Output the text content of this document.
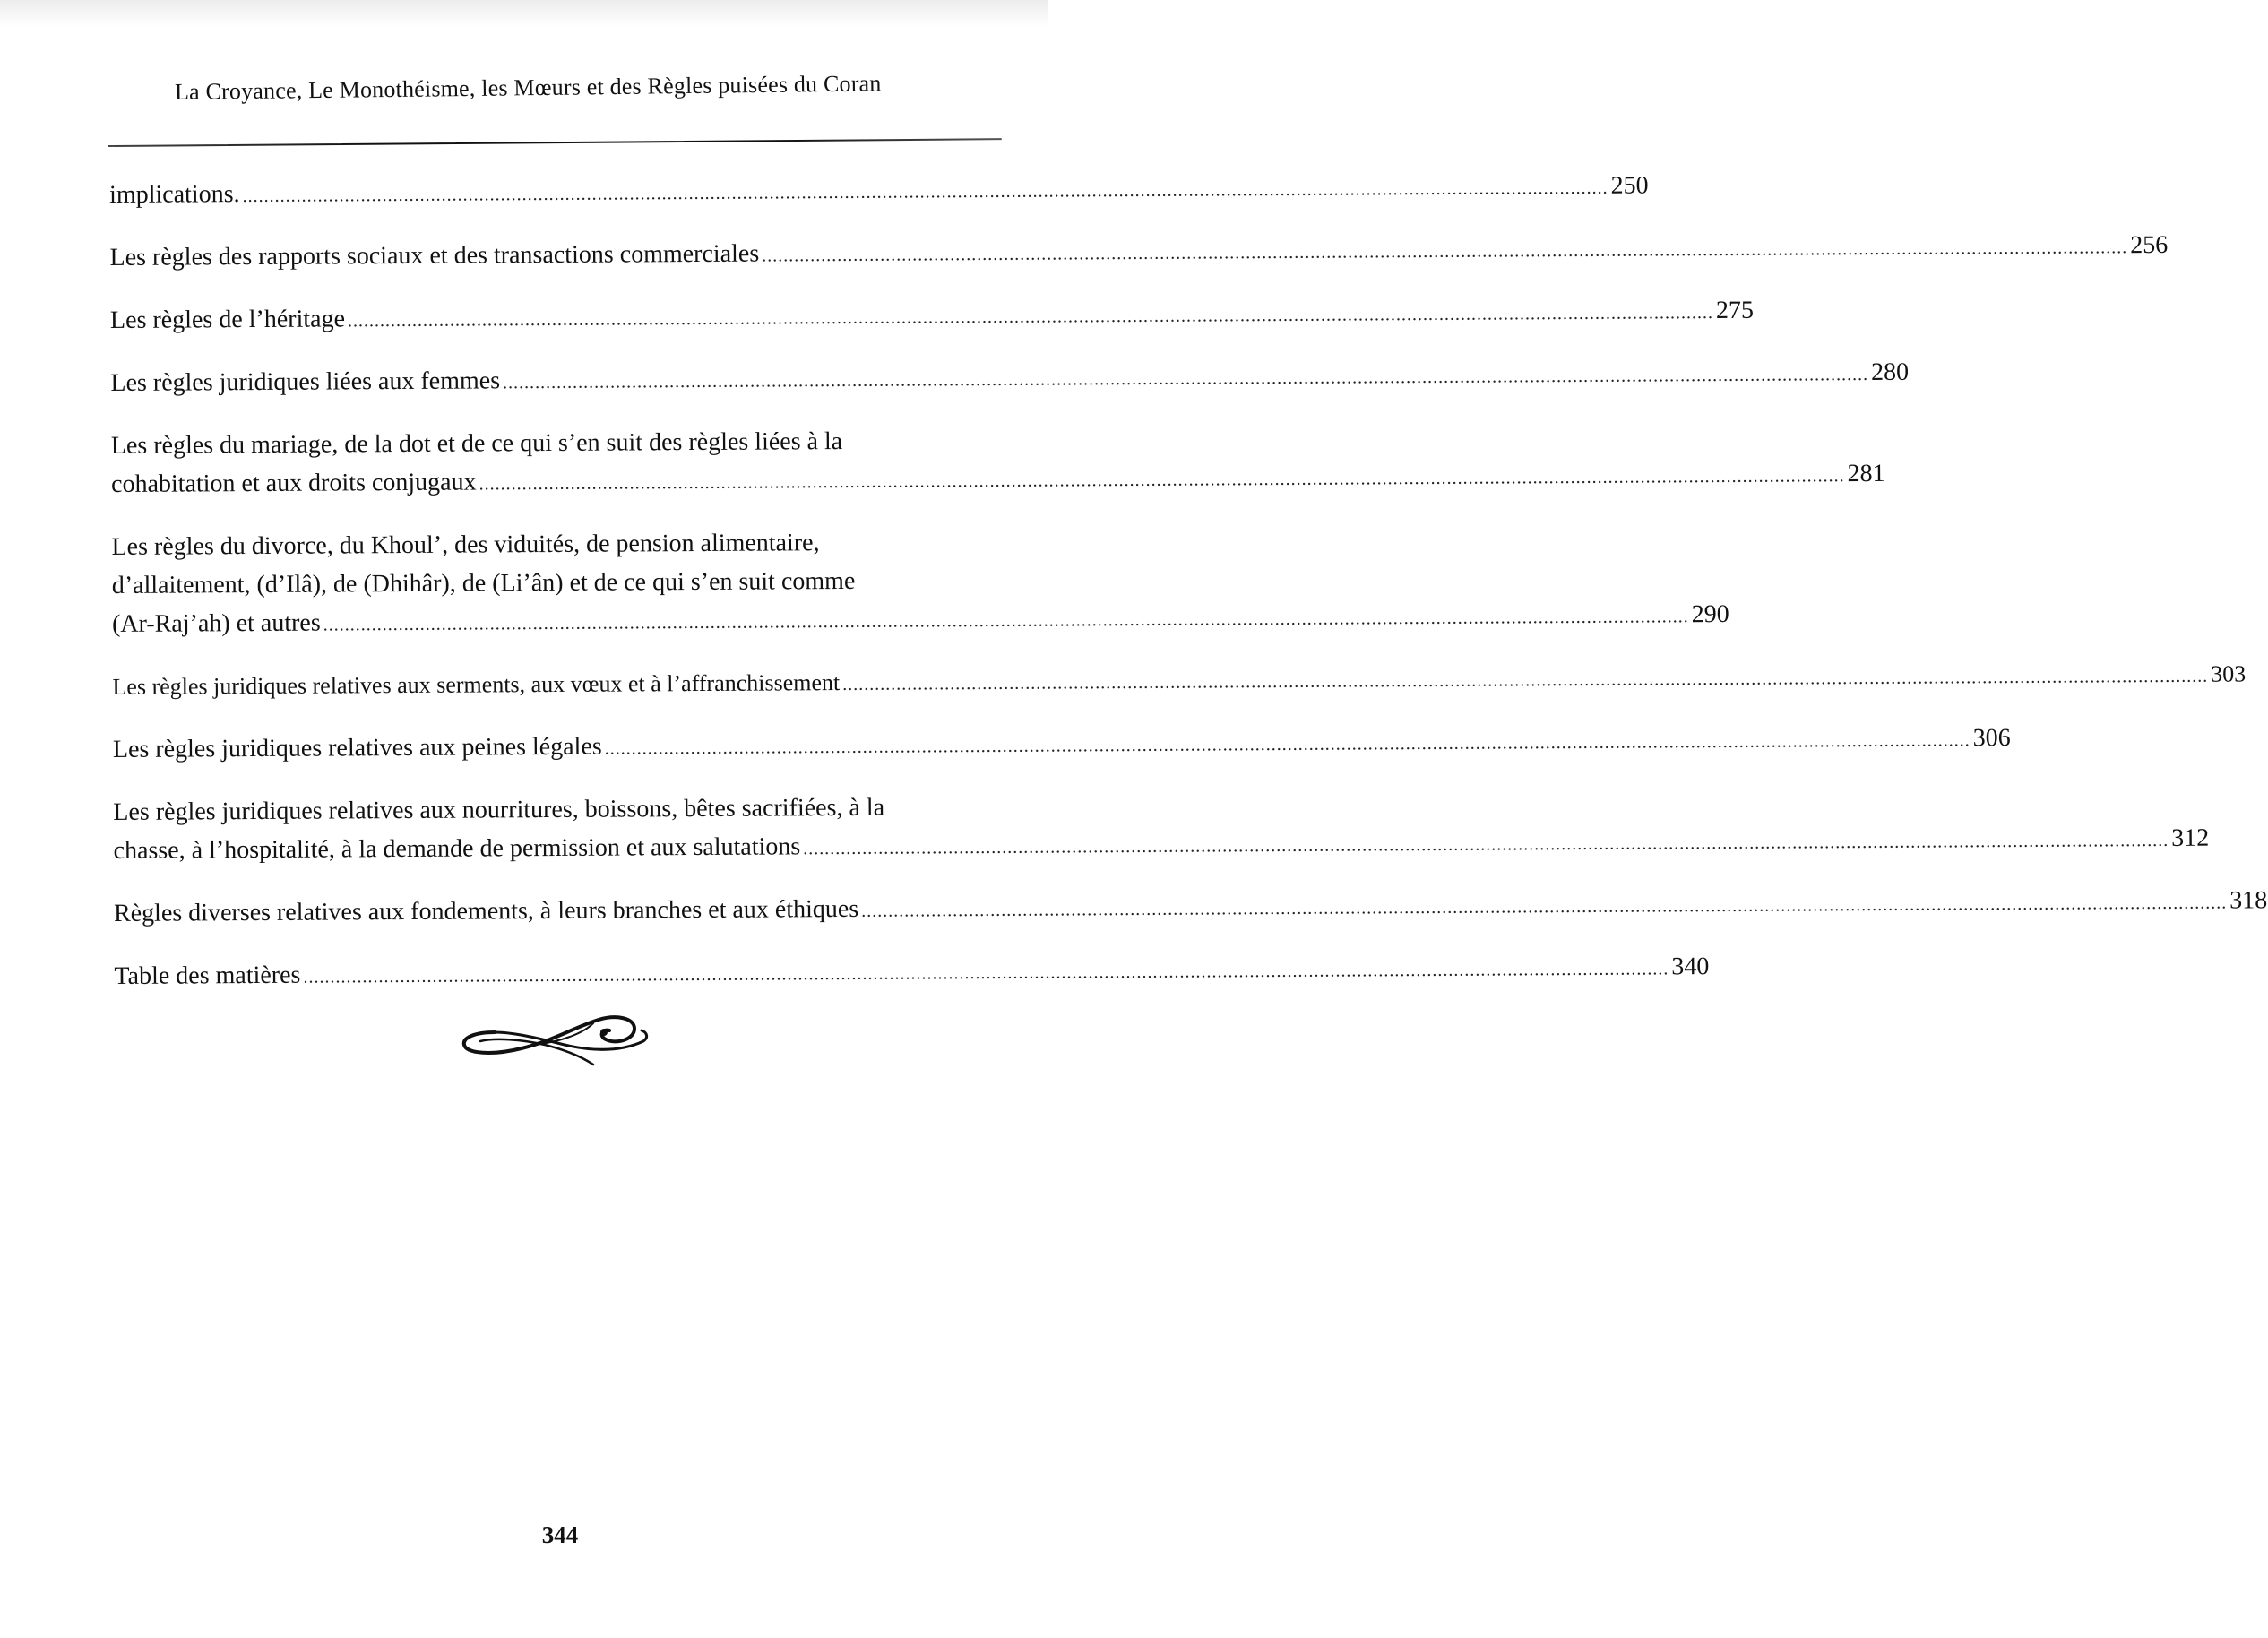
La Croyance, Le Monothéisme, les Mœurs et des Règles puisées du Coran
implications. .............................................................................................................................................................................................................................................................. 250
Les règles des rapports sociaux et des transactions commerciales .............................................................................................................................................................................................................................................................. 256
Les règles de l’héritage .............................................................................................................................................................................................................................................................. 275
Les règles juridiques liées aux femmes .............................................................................................................................................................................................................................................................. 280
Les règles du mariage, de la dot et de ce qui s’en suit des règles liées à la
cohabitation et aux droits conjugaux .............................................................................................................................................................................................................................................................. 281
Les règles du divorce, du Khoul’, des viduités, de pension alimentaire,
d’allaitement, (d’Ilâ), de (Dhihâr), de (Li’ân) et de ce qui s’en suit comme
(Ar-Raj’ah) et autres .............................................................................................................................................................................................................................................................. 290
Les règles juridiques relatives aux serments, aux vœux et à l’affranchissement .............................................................................................................................................................................................................................................................. 303
Les règles juridiques relatives aux peines légales .............................................................................................................................................................................................................................................................. 306
Les règles juridiques relatives aux nourritures, boissons, bêtes sacrifiées, à la
chasse, à l’hospitalité, à la demande de permission et aux salutations .............................................................................................................................................................................................................................................................. 312
Règles diverses relatives aux fondements, à leurs branches et aux éthiques .............................................................................................................................................................................................................................................................. 318
Table des matières .............................................................................................................................................................................................................................................................. 340
344
